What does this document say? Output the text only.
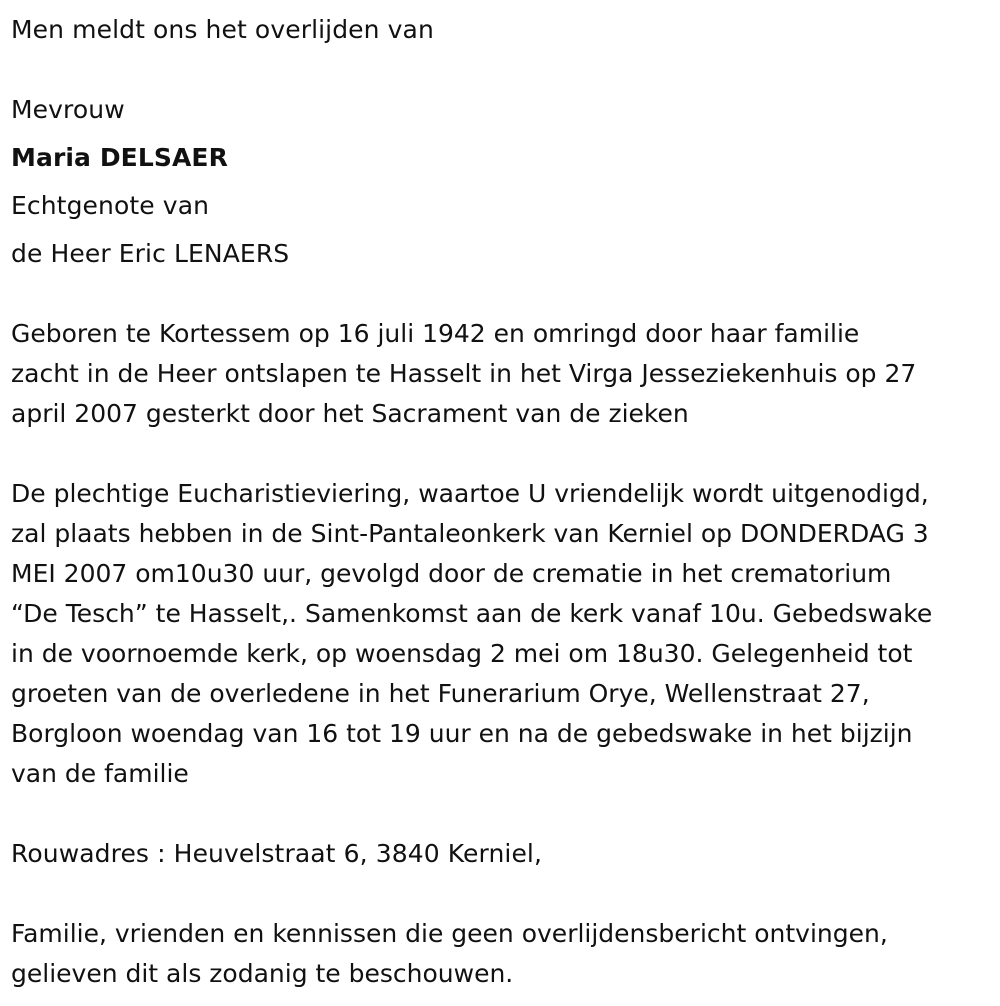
Men meldt ons het overlijden van

Mevrouw

Maria DELSAER

Echtgenote van

de Heer Eric LENAERS

Geboren te Kortessem op 16 juli 1942 en omringd door haar familie
zacht in de Heer ontslapen te Hasselt in het Virga Jesseziekenhuis op 27
april 2007 gesterkt door het Sacrament van de zieken
De plechtige Eucharistieviering, waartoe U vriendelijk wordt uitgenodigd,
zal plaats hebben in de Sint-Pantaleonkerk van Kerniel op DONDERDAG 3
MEI 2007 om10u30 uur, gevolgd door de crematie in het crematorium
“De Tesch” te Hasselt,. Samenkomst aan de kerk vanaf 10u. Gebedswake
in de voornoemde kerk, op woensdag 2 mei om 18u30. Gelegenheid tot
groeten van de overledene in het Funerarium Orye, Wellenstraat 27,
Borgloon woendag van 16 tot 19 uur en na de gebedswake in het bijzijn
van de familie

Rouwadres : Heuvelstraat 6, 3840 Kerniel,

Familie, vrienden en kennissen die geen overlijdensbericht ontvingen,
gelieven dit als zodanig te beschouwen.
